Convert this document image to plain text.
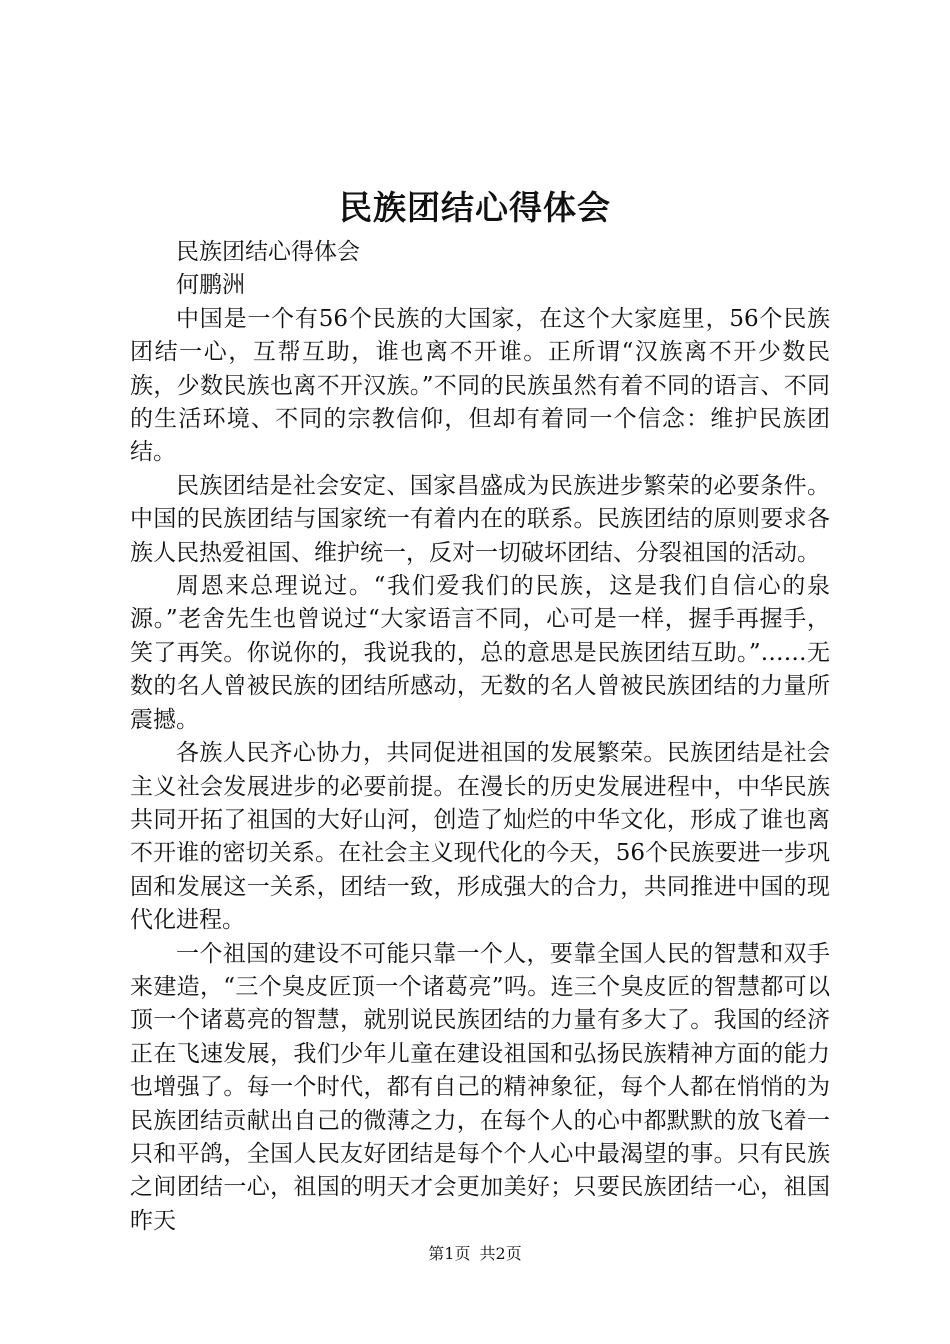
民族团结心得体会

民族团结心得体会

何鹏洲

中国是一个有56个民族的大国家，在这个大家庭里，56个民族团结一心，互帮互助，谁也离不开谁。正所谓“汉族离不开少数民族，少数民族也离不开汉族。”不同的民族虽然有着不同的语言、不同的生活环境、不同的宗教信仰，但却有着同一个信念：维护民族团结。

民族团结是社会安定、国家昌盛成为民族进步繁荣的必要条件。中国的民族团结与国家统一有着内在的联系。民族团结的原则要求各族人民热爱祖国、维护统一，反对一切破坏团结、分裂祖国的活动。

周恩来总理说过。“我们爱我们的民族，这是我们自信心的泉源。”老舍先生也曾说过“大家语言不同，心可是一样，握手再握手，笑了再笑。你说你的，我说我的，总的意思是民族团结互助。”……无数的名人曾被民族的团结所感动，无数的名人曾被民族团结的力量所震撼。

各族人民齐心协力，共同促进祖国的发展繁荣。民族团结是社会主义社会发展进步的必要前提。在漫长的历史发展进程中，中华民族共同开拓了祖国的大好山河，创造了灿烂的中华文化，形成了谁也离不开谁的密切关系。在社会主义现代化的今天，56个民族要进一步巩固和发展这一关系，团结一致，形成强大的合力，共同推进中国的现代化进程。

一个祖国的建设不可能只靠一个人，要靠全国人民的智慧和双手来建造，“三个臭皮匠顶一个诸葛亮”吗。连三个臭皮匠的智慧都可以顶一个诸葛亮的智慧，就别说民族团结的力量有多大了。我国的经济正在飞速发展，我们少年儿童在建设祖国和弘扬民族精神方面的能力也增强了。每一个时代，都有自己的精神象征，每个人都在悄悄的为民族团结贡献出自己的微薄之力，在每个人的心中都默默的放飞着一只和平鸽，全国人民友好团结是每个个人心中最渴望的事。只有民族之间团结一心，祖国的明天才会更加美好；只要民族团结一心，祖国昨天

第1页 共2页
